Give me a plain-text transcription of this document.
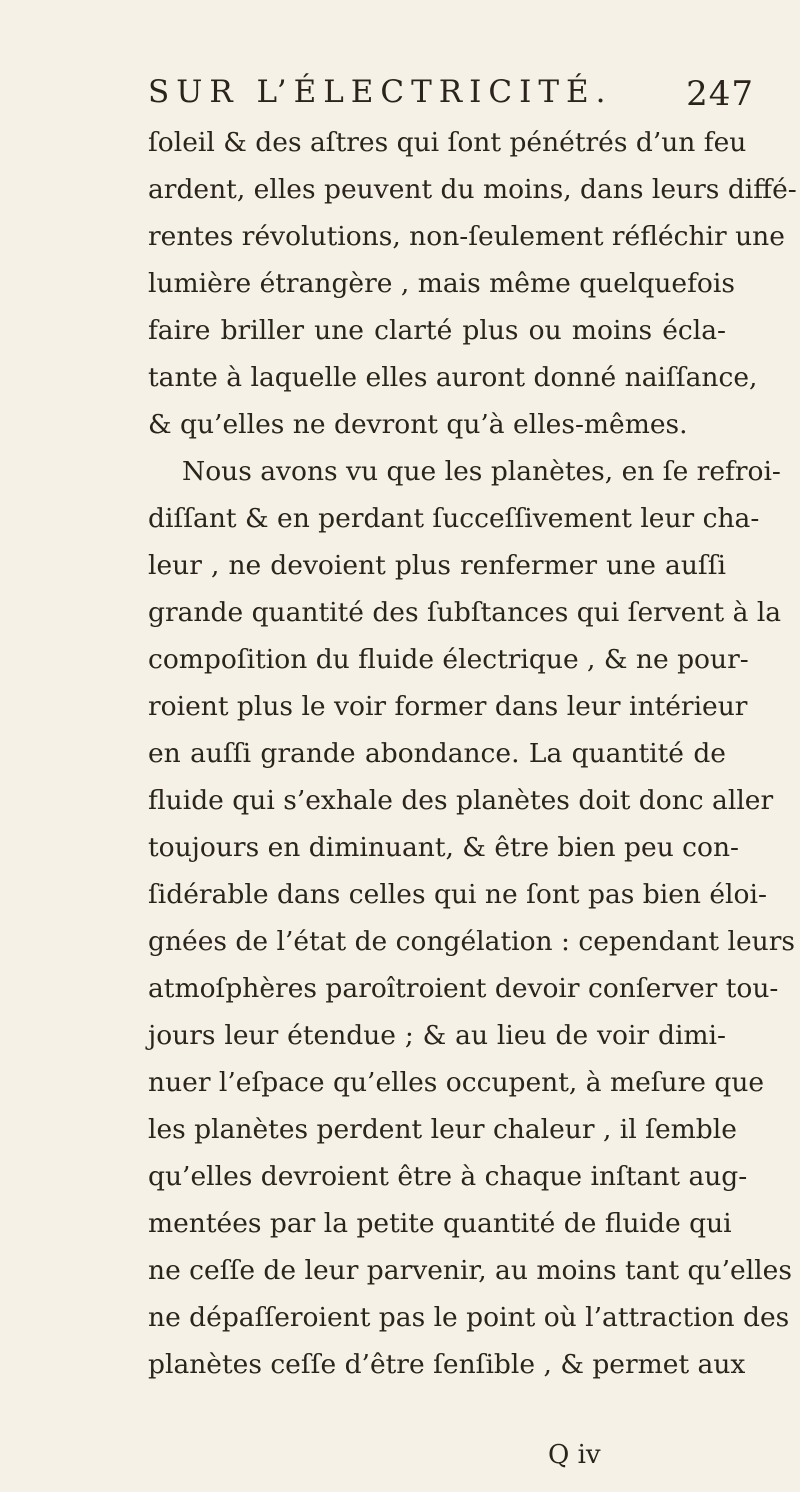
SUR L’ÉLECTRICITÉ. 247
ſoleil & des aſtres qui ſont pénétrés d’un feu
ardent, elles peuvent du moins, dans leurs diffé-
rentes révolutions, non-ſeulement réfléchir une
lumière étrangère , mais même quelquefois
faire briller une clarté plus ou moins écla-
tante à laquelle elles auront donné naiſſance,
& qu’elles ne devront qu’à elles-mêmes.
Nous avons vu que les planètes, en ſe refroi-
diſſant & en perdant ſucceſſivement leur cha-
leur , ne devoient plus renfermer une auſſi
grande quantité des ſubſtances qui ſervent à la
compoſition du fluide électrique , & ne pour-
roient plus le voir former dans leur intérieur
en auſſi grande abondance. La quantité de
fluide qui s’exhale des planètes doit donc aller
toujours en diminuant, & être bien peu con-
ſidérable dans celles qui ne ſont pas bien éloi-
gnées de l’état de congélation : cependant leurs
atmoſphères paroîtroient devoir conſerver tou-
jours leur étendue ; & au lieu de voir dimi-
nuer l’eſpace qu’elles occupent, à meſure que
les planètes perdent leur chaleur , il ſemble
qu’elles devroient être à chaque inſtant aug-
mentées par la petite quantité de fluide qui
ne ceſſe de leur parvenir, au moins tant qu’elles
ne dépaſſeroient pas le point où l’attraction des
planètes ceſſe d’être ſenſible , & permet aux
Q iv
